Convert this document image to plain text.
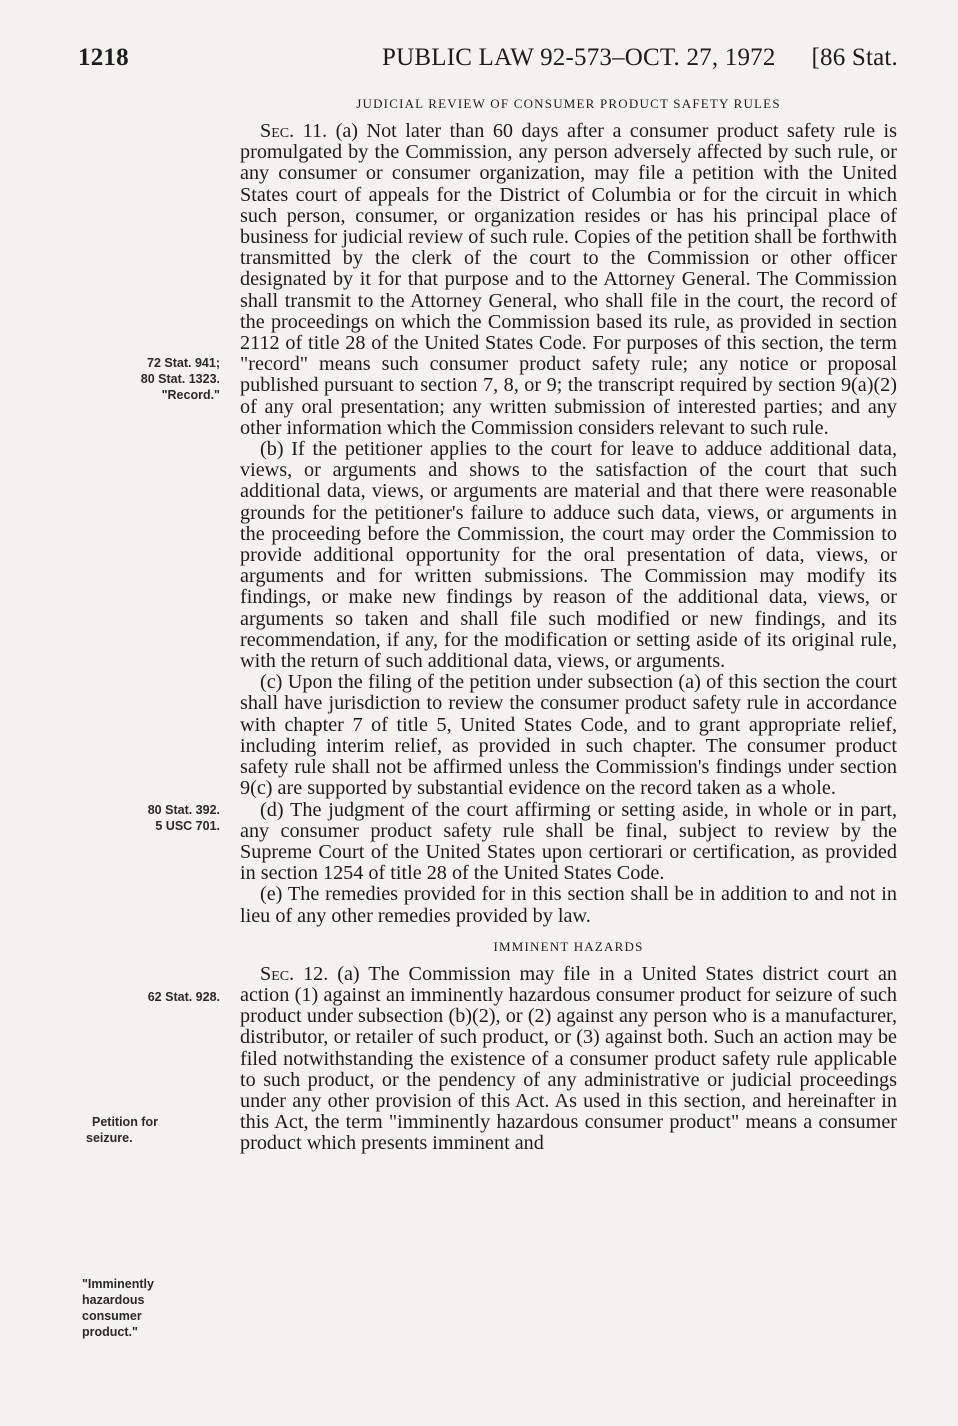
1218	PUBLIC LAW 92-573–OCT. 27, 1972 [86 Stat.
72 Stat. 941;
80 Stat. 1323.
"Record."
80 Stat. 392.
5 USC 701.
62 Stat. 928.
Petition for
seizure.
"Imminently
hazardous
consumer
product."
JUDICIAL REVIEW OF CONSUMER PRODUCT SAFETY RULES

Sec. 11. (a) Not later than 60 days after a consumer product safety rule is promulgated by the Commission, any person adversely affected by such rule, or any consumer or consumer organization, may file a petition with the United States court of appeals for the District of Columbia or for the circuit in which such person, consumer, or organization resides or has his principal place of business for judicial review of such rule. Copies of the petition shall be forthwith transmitted by the clerk of the court to the Commission or other officer designated by it for that purpose and to the Attorney General. The Commission shall transmit to the Attorney General, who shall file in the court, the record of the proceedings on which the Commission based its rule, as provided in section 2112 of title 28 of the United States Code. For purposes of this section, the term "record" means such consumer product safety rule; any notice or proposal published pursuant to section 7, 8, or 9; the transcript required by section 9(a)(2) of any oral presentation; any written submission of interested parties; and any other information which the Commission considers relevant to such rule.

(b) If the petitioner applies to the court for leave to adduce additional data, views, or arguments and shows to the satisfaction of the court that such additional data, views, or arguments are material and that there were reasonable grounds for the petitioner's failure to adduce such data, views, or arguments in the proceeding before the Commission, the court may order the Commission to provide additional opportunity for the oral presentation of data, views, or arguments and for written submissions. The Commission may modify its findings, or make new findings by reason of the additional data, views, or arguments so taken and shall file such modified or new findings, and its recommendation, if any, for the modification or setting aside of its original rule, with the return of such additional data, views, or arguments.

(c) Upon the filing of the petition under subsection (a) of this section the court shall have jurisdiction to review the consumer product safety rule in accordance with chapter 7 of title 5, United States Code, and to grant appropriate relief, including interim relief, as provided in such chapter. The consumer product safety rule shall not be affirmed unless the Commission's findings under section 9(c) are supported by substantial evidence on the record taken as a whole.

(d) The judgment of the court affirming or setting aside, in whole or in part, any consumer product safety rule shall be final, subject to review by the Supreme Court of the United States upon certiorari or certification, as provided in section 1254 of title 28 of the United States Code.

(e) The remedies provided for in this section shall be in addition to and not in lieu of any other remedies provided by law.

IMMINENT HAZARDS

Sec. 12. (a) The Commission may file in a United States district court an action (1) against an imminently hazardous consumer product for seizure of such product under subsection (b)(2), or (2) against any person who is a manufacturer, distributor, or retailer of such product, or (3) against both. Such an action may be filed notwithstanding the existence of a consumer product safety rule applicable to such product, or the pendency of any administrative or judicial proceedings under any other provision of this Act. As used in this section, and hereinafter in this Act, the term "imminently hazardous consumer product" means a consumer product which presents imminent and
